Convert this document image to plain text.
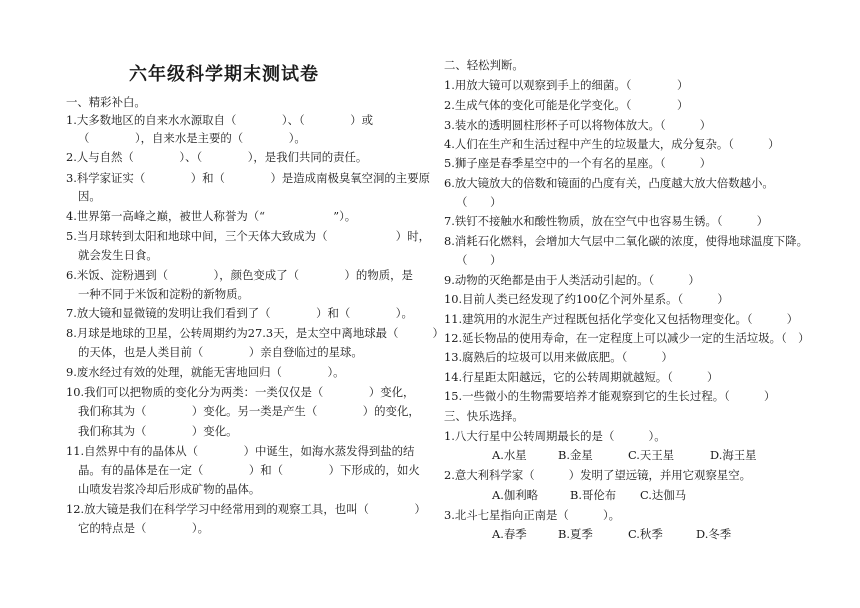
六年级科学期末测试卷
一、精彩补白。
1.大多数地区的自来水水源取自（　　　　）、（　　　　）或
（　　　　），自来水是主要的（　　　　）。
2.人与自然（　　　　）、（　　　　），是我们共同的责任。
3.科学家证实（　　　　）和（　　　　）是造成南极臭氧空洞的主要原
因。
4.世界第一高峰之巅，被世人称誉为（“　　　　　　”）。
5.当月球转到太阳和地球中间，三个天体大致成为（　　　　　　）时，
就会发生日食。
6.米饭、淀粉遇到（　　　　），颜色变成了（　　　　）的物质，是
一种不同于米饭和淀粉的新物质。
7.放大镜和显微镜的发明让我们看到了（　　　　）和（　　　　）。
8.月球是地球的卫星，公转周期约为27.3天，是太空中离地球最（　　　）
的天体，也是人类目前（　　　　）亲自登临过的星球。
9.废水经过有效的处理，就能无害地回归（　　　　）。
10.我们可以把物质的变化分为两类：一类仅仅是（　　　　）变化，
我们称其为（　　　　）变化。另一类是产生（　　　　）的变化，
我们称其为（　　　　）变化。
11.自然界中有的晶体从（　　　　）中诞生，如海水蒸发得到盐的结
晶。有的晶体是在一定（　　　　）和（　　　　）下形成的，如火
山喷发岩浆冷却后形成矿物的晶体。
12.放大镜是我们在科学学习中经常用到的观察工具，也叫（　　　　）
它的特点是（　　　　）。
二、轻松判断。
1.用放大镜可以观察到手上的细菌。（　　　　）
2.生成气体的变化可能是化学变化。（　　　　）
3.装水的透明圆柱形杯子可以将物体放大。（　　　）
4.人们在生产和生活过程中产生的垃圾量大，成分复杂。（　　　）
5.狮子座是春季星空中的一个有名的星座。（　　　）
6.放大镜放大的倍数和镜面的凸度有关，凸度越大放大倍数越小。
（　　）
7.铁钉不接触水和酸性物质，放在空气中也容易生锈。（　　　）
8.消耗石化燃料，会增加大气层中二氧化碳的浓度，使得地球温度下降。
（　　）
9.动物的灭绝都是由于人类活动引起的。（　　　）
10.目前人类已经发现了约100亿个河外星系。（　　　）
11.建筑用的水泥生产过程既包括化学变化又包括物理变化。（　　　）
12.延长物品的使用寿命，在一定程度上可以减少一定的生活垃圾。（　）
13.腐熟后的垃圾可以用来做底肥。（　　　）
14.行星距太阳越远，它的公转周期就越短。（　　　）
15.一些微小的生物需要培养才能观察到它的生长过程。（　　　）
三、快乐选择。
1.八大行星中公转周期最长的是（　　　）。
A.水星	B.金星	C.天王星	D.海王星
2.意大利科学家（　　　）发明了望远镜，并用它观察星空。
A.伽利略	B.哥伦布 C.达伽马
3.北斗七星指向正南是（　　　）。
A.春季	B.夏季	C.秋季	D.冬季
